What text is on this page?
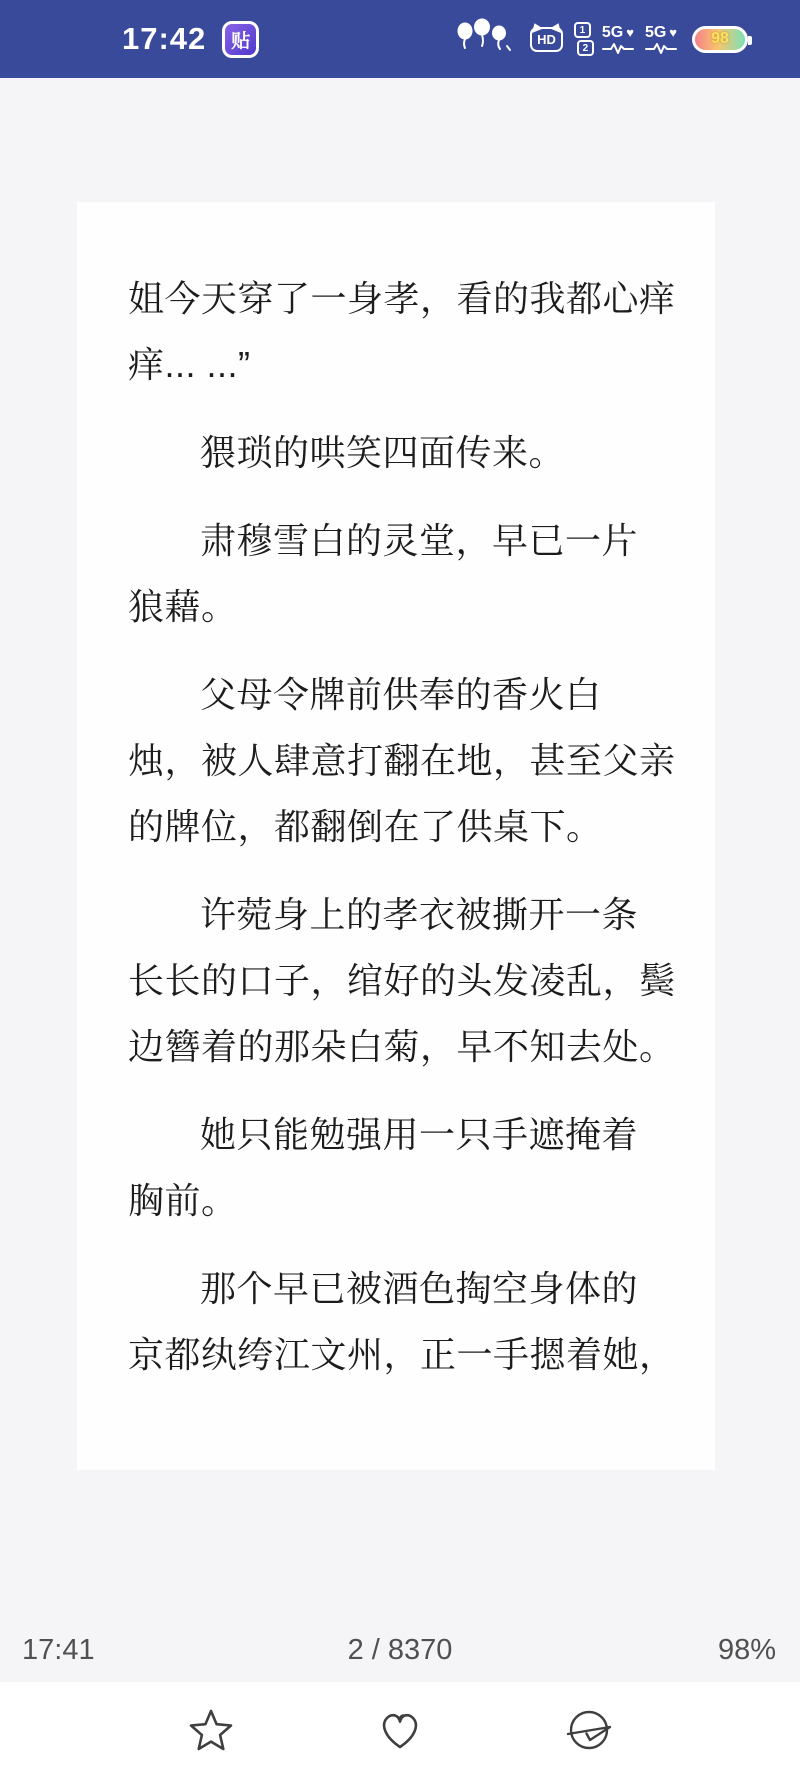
17:42 贴	HD
1
2
5G ♥ 5G ♥ 98
姐今天穿了一身孝，看的我都心痒
痒... ...”
猥琐的哄笑四面传来。
肃穆雪白的灵堂，早已一片
狼藉。
父母令牌前供奉的香火白
烛，被人肆意打翻在地，甚至父亲
的牌位，都翻倒在了供桌下。
许菀身上的孝衣被撕开一条
长长的口子，绾好的头发凌乱，鬓
边簪着的那朵白菊，早不知去处。
她只能勉强用一只手遮掩着
胸前。
那个早已被酒色掏空身体的
京都纨绔江文州，正一手摁着她，
17:41	2 / 8370	98%
